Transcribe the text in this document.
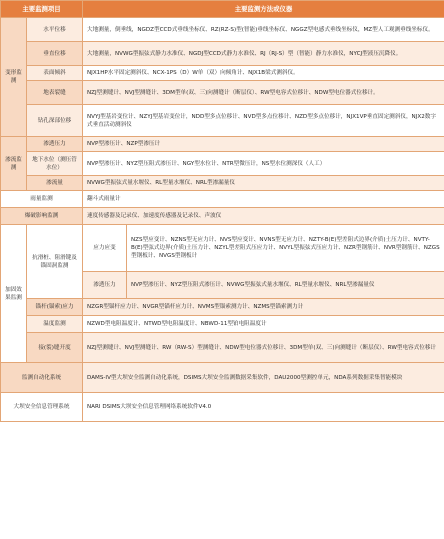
主要监测项目		主要监测方法或仪器	
变形监测	水平位移	大地测量，倒垂线，NGDZ型CCD式垂线坐标仪、RZ(RZ-S)型(智能)垂线坐标仪、NGGZ型电感式垂线坐标仪，MZ型人工观测垂线坐标仪。	
	垂直位移	大地测量，NVWG型振弦式静力水准仪、NGDJ型CCD式静力水准仪、RJ（RJ-S）型（智能）静力水准仪，NYCJ型液压沉降仪。	
	表面倾斜	NJX1HP水平固定测斜仪、NCX-1PS（D）W单（双）向倾角计、NJX1B梁式测斜仪。	
	地表裂缝	NZJ型测缝计、NVJ型测缝计、3DM型单(双、三)向测缝计（断层仪）、RW型电容式位移计、NDW型电位器式位移计。	
	钻孔深部位移	NVYJ型基岩变位计、NZYJ型基岩变位计，NDD型多点位移计、NVD型多点位移计、NZD型多点位移计，NJX1VP垂直固定测斜仪，NJX2数字式垂直活动测斜仪	
渗流监测	渗透压力	NVP型渗压计、NZP型渗压计	
	地下水位（测压管水位）	NVP型渗压计、NYZ型压阻式渗压计、NGY型水位计、NTR型微压计，NS型水位测深仪（人工）	
	渗流量	NVWG型振弦式量水堰仪、RL型量水堰仪、NRL型渗漏量仪	
雨量监测		翻斗式雨量计	
爆破影响监测		速度传感器及记录仪、加速度传感器及记录仪、声波仪	
加固效果监测	抗滑桩、阻滑键及锚固洞监测	应力应变	NZS型应变计、NZNS型无应力计、NVS型应变计、NVNS型无应力计、NZTY-B(E)型差阻式边界(介质)土压力计、NVTY-B(E)型弦式边界(介质)土压力计、NZYL型差阻式压应力计、NVYL型振弦式压应力计、NZR型钢筋计、NVR型钢筋计、NZGS型钢板计、NVGS型钢板计
		渗透压力	NVP型渗压计、NYZ型压阻式渗压计、NVWG型振弦式量水堰仪、RL型量水堰仪、NRL型渗漏量仪
	锚杆(锚索)应力	NZGR型锚杆应力计、NVGR型锚杆应力计、NVMS型锚索测力计、NZMS型锚索测力计	
	温度监测	NZWD型电阻温度计、NTWD型电阻温度计、NBWD-11型铂电阻温度计	
	接(裂)缝开度	NZJ型测缝计、NVJ型测缝计、RW（RW-S）型测缝计、NDW型电位器式位移计、3DM型单(双、三)向测缝计（断层仪）、RW型电容式位移计	
监测自动化系统		DAMS-IV型大坝安全监测自动化系统，DSIMS大坝安全监测数据采集软件，DAU2000型测控单元，NDA系列数据采集智能模块	
大坝安全信息管理系统		NARI DSIMS大坝安全信息管理网络系统软件V4.0	
